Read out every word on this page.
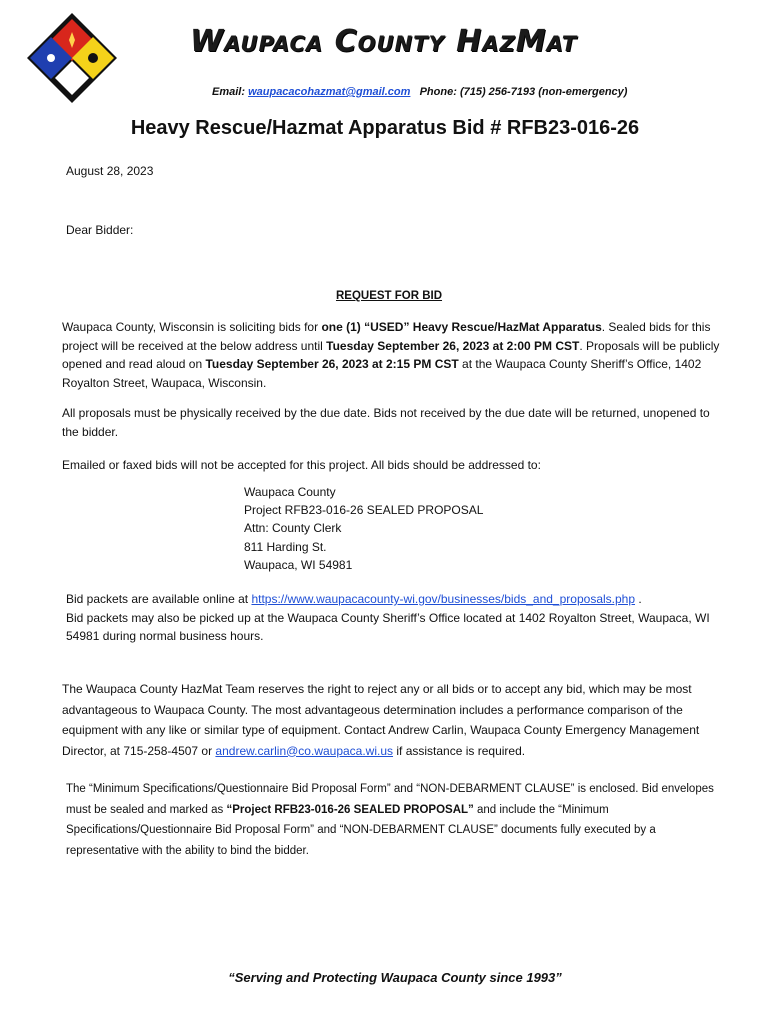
Waupaca County HazMat
Email: waupacacohazmat@gmail.com Phone: (715) 256-7193 (non-emergency)
Heavy Rescue/Hazmat Apparatus Bid # RFB23-016-26
August 28, 2023
Dear Bidder:
REQUEST FOR BID
Waupaca County, Wisconsin is soliciting bids for one (1) “USED” Heavy Rescue/HazMat Apparatus. Sealed bids for this project will be received at the below address until Tuesday September 26, 2023 at 2:00 PM CST. Proposals will be publicly opened and read aloud on Tuesday September 26, 2023 at 2:15 PM CST at the Waupaca County Sheriff’s Office, 1402 Royalton Street, Waupaca, Wisconsin.
All proposals must be physically received by the due date. Bids not received by the due date will be returned, unopened to the bidder.
Emailed or faxed bids will not be accepted for this project. All bids should be addressed to:
Waupaca County
Project RFB23-016-26 SEALED PROPOSAL
Attn: County Clerk
811 Harding St.
Waupaca, WI 54981
Bid packets are available online at https://www.waupacacounty-wi.gov/businesses/bids_and_proposals.php .
Bid packets may also be picked up at the Waupaca County Sheriff’s Office located at 1402 Royalton Street, Waupaca, WI 54981 during normal business hours.
The Waupaca County HazMat Team reserves the right to reject any or all bids or to accept any bid, which may be most advantageous to Waupaca County. The most advantageous determination includes a performance comparison of the equipment with any like or similar type of equipment. Contact Andrew Carlin, Waupaca County Emergency Management Director, at 715-258-4507 or andrew.carlin@co.waupaca.wi.us if assistance is required.
The “Minimum Specifications/Questionnaire Bid Proposal Form” and “NON-DEBARMENT CLAUSE” is enclosed. Bid envelopes must be sealed and marked as “Project RFB23-016-26 SEALED PROPOSAL” and include the “Minimum Specifications/Questionnaire Bid Proposal Form” and “NON-DEBARMENT CLAUSE” documents fully executed by a representative with the ability to bind the bidder.
“Serving and Protecting Waupaca County since 1993”
